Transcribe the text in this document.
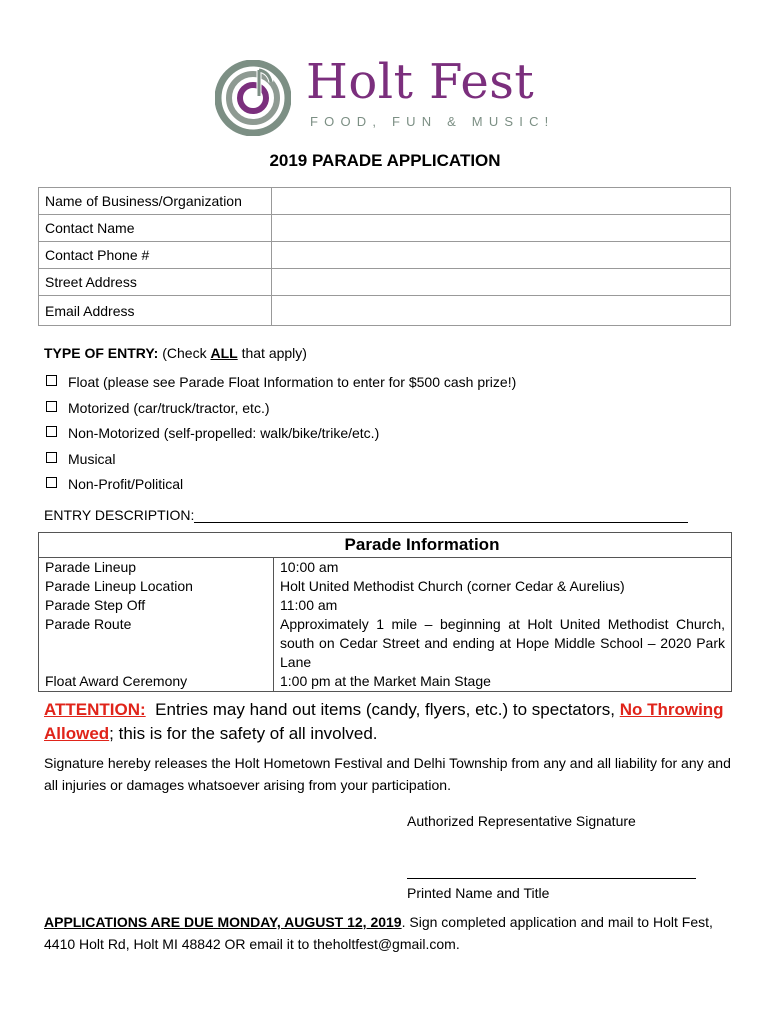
Holt Fest
FOOD, FUN & MUSIC!
2019 PARADE APPLICATION
Name of Business/Organization	
Contact Name	
Contact Phone #	
Street Address	
Email Address	
TYPE OF ENTRY: (Check ALL that apply)
Float (please see Parade Float Information to enter for $500 cash prize!)
Motorized (car/truck/tractor, etc.)
Non-Motorized (self-propelled: walk/bike/trike/etc.)
Musical
Non-Profit/Political
ENTRY DESCRIPTION:
Parade Information	
Parade Lineup	10:00 am
Parade Lineup Location	Holt United Methodist Church (corner Cedar & Aurelius)
Parade Step Off	11:00 am
Parade Route	Approximately 1 mile – beginning at Holt United Methodist Church, south on Cedar Street and ending at Hope Middle School – 2020 Park Lane
Float Award Ceremony	1:00 pm at the Market Main Stage
ATTENTION: Entries may hand out items (candy, flyers, etc.) to spectators, No Throwing Allowed; this is for the safety of all involved.
Signature hereby releases the Holt Hometown Festival and Delhi Township from any and all liability for any and all injuries or damages whatsoever arising from your participation.
Authorized Representative Signature
Printed Name and Title
APPLICATIONS ARE DUE MONDAY, AUGUST 12, 2019. Sign completed application and mail to Holt Fest, 4410 Holt Rd, Holt MI 48842 OR email it to theholtfest@gmail.com.
